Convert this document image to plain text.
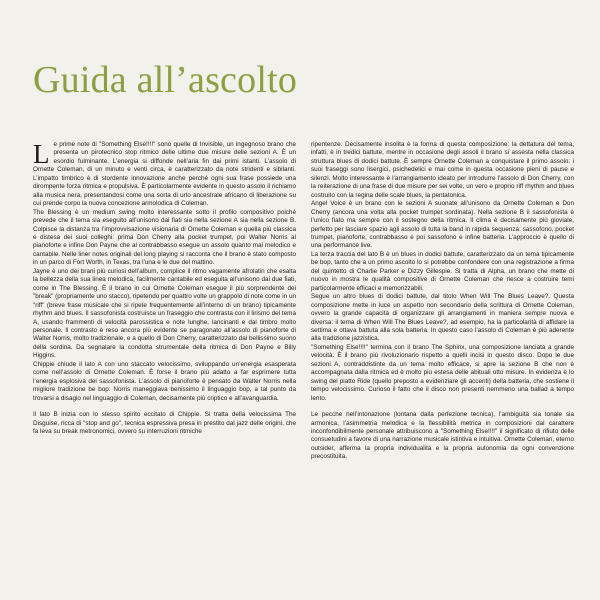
Guida all’ascolto

Le prime note di "Something Else!!!!" sono quelle di Invisible, un ingegnoso brano che presenta un pirotecnico stop ritmico delle ultime due misure delle sezioni A. È un esordio fulminante. L’energia si diffonde nell’aria fin dai primi istanti. L’assolo di Ornette Coleman, di un minuto e venti circa, è caratterizzato da note stridenti e sibilanti. L’impatto timbrico è di stordente innovazione anche perché ogni sua frase possiede una dirompente forza ritmica e propulsiva. È particolarmente evidente in questo assolo il richiamo alla musica nera, presentandosi come una sorta di urlo ancestrale africano di liberazione su cui prende corpo la nuova concezione armolodica di Coleman.

The Blessing è un medium swing molto interessante sotto il profilo compositivo poiché prevede che il tema sia eseguito all’unisono dai fiati sia nella sezione A sia nella sezione B. Colpisce la distanza tra l’improvvisazione visionaria di Ornette Coleman e quella più classica e distesa dei suoi colleghi: prima Don Cherry alla pocket trumpet, poi Walter Norris al pianoforte e infine Don Payne che al contrabbasso esegue un assolo quanto mai melodico e cantabile. Nelle liner notes originali del long playing si racconta che il brano è stato composto in un parco di Fort Worth, in Texas, tra l’una e le due del mattino.

Jayne è uno dei brani più curiosi dell’album, complice il ritmo vagamente afrolatin che esalta la bellezza della sua linea melodica, facilmente cantabile ed eseguita all’unisono dai due fiati, come in The Blessing. È il brano in cui Ornette Coleman esegue il più sorprendente dei "break" (propriamente uno stacco), ripetendo per quattro volte un grappolo di note come in un "riff" (breve frase musicale che si ripete frequentemente all’interno di un brano) tipicamente rhythm and blues. Il sassofonista costruisce un fraseggio che contrasta con il lirismo del tema A, usando frammenti di velocità parossistica e note lunghe, lancinanti e dal timbro molto personale. Il contrasto è reso ancora più evidente se paragonato all’assolo di pianoforte di Walter Norris, molto tradizionale, e a quello di Don Cherry, caratterizzato dal bellissimo suono della sordina. Da segnalare la condotta strumentale della ritmica di Don Payne e Billy Higgins.

Chippie chiude il lato A con uno staccato velocissimo, sviluppando un’energia esasperata come nell’assolo di Ornette Coleman. È forse il brano più adatto a far esprimere tutta l’energia esplosiva del sassofonista. L’assolo di pianoforte è pensato da Walter Norris nella migliore tradizione be bop: Norris maneggiava benissimo il linguaggio bop, a tal punto da trovarsi a disagio nel linguaggio di Coleman, decisamente più criptico e all’avanguardia.

Il lato B inizia con lo stesso spirito eccitato di Chippie. Si tratta della velocissima The Disguise, ricca di "stop and go", tecnica espressiva presa in prestito dal jazz delle origini, che fa leva su break metronomici, ovvero su interruzioni ritmiche

ripentenze. Decisamente insolita è la forma di questa composizione: la dettatura del tema, infatti, è in tredici battute, mentre in occasione degli assoli il brano si assesta nella classica struttura blues di dodici battute. È sempre Ornette Coleman a conquistare il primo assolo: i suoi fraseggi sono lisergici, psichedelici e mai come in questa occasione pieni di pause e silenzi. Molto interessante è l’arrangiamento ideato per introdurre l’assolo di Don Cherry, con la reiterazione di una frase di due misure per sei volte, un vero e proprio riff rhythm and blues costruito con la regina delle scale blues, la pentatonica.

Angel Voice è un brano con le sezioni A suonate all’unisono da Ornette Coleman e Don Cherry (ancora una volta alla pocket trumpet sordinata). Nella sezione B il sassofonista è l’unico fiato ma sempre con il sostegno della ritmica. Il clima è decisamente più gioviale, perfetto per lasciare spazio agli assolo di tutta la band in rapida sequenza: sassofono, pocket trumpet, pianoforte, contrabbasso e poi sassofono e infine batteria. L’approccio è quello di una performance live.

La terza traccia del lato B è un blues in dodici battute, caratterizzato da un tema tipicamente be bop, tanto che a un primo ascolto lo si potrebbe confondere con una registrazione a firma del quintetto di Charlie Parker e Dizzy Gillespie. Si tratta di Alpha, un brano che mette di nuovo in mostra le qualità compositive di Ornette Coleman che riesce a costruire temi particolarmente efficaci e memorizzabili.

Segue un altro blues di dodici battute, dal titolo When Will The Blues Leave?. Questa composizione mette in luce un aspetto non secondario della scrittura di Ornette Coleman, ovvero la grande capacità di organizzare gli arrangiamenti in maniera sempre nuova e diversa: il tema di When Will The Blues Leave?, ad esempio, ha la particolarità di affidare la settima e ottava battuta alla sola batteria. In questo caso l’assolo di Coleman è più aderente alla tradizione jazzistica.

"Something Else!!!!" termina con il brano The Sphinx, una composizione lanciata a grande velocità. È il brano più rivoluzionario rispetto a quelli incisi in questo disco. Dopo le due sezioni A, contraddistinte da un tema molto efficace, si apre la sezione B che non è accompagnata dalla ritmica ed è molto più estesa delle abituali otto misure. In evidenza è lo swing del piatto Ride (quello preposto a evidenziare gli accenti) della batteria, che sostiene il tempo velocissimo. Curioso il fatto che il disco non presenti nemmeno una ballad a tempo lento.

Le pecche nell’intonazione (lontana dalla perfezione tecnica), l’ambiguità sia tonale sia armonica, l’asimmetria melodica e la flessibilità metrica in composizioni dal carattere inconfondibilmente personale attribuiscono a "Something Else!!!!" il significato di rifiuto delle consuetudini a favore di una narrazione musicale istintiva e intuitiva. Ornette Coleman, eterno outsider, afferma la propria individualità e la propria autonomia da ogni convenzione precostituita.
